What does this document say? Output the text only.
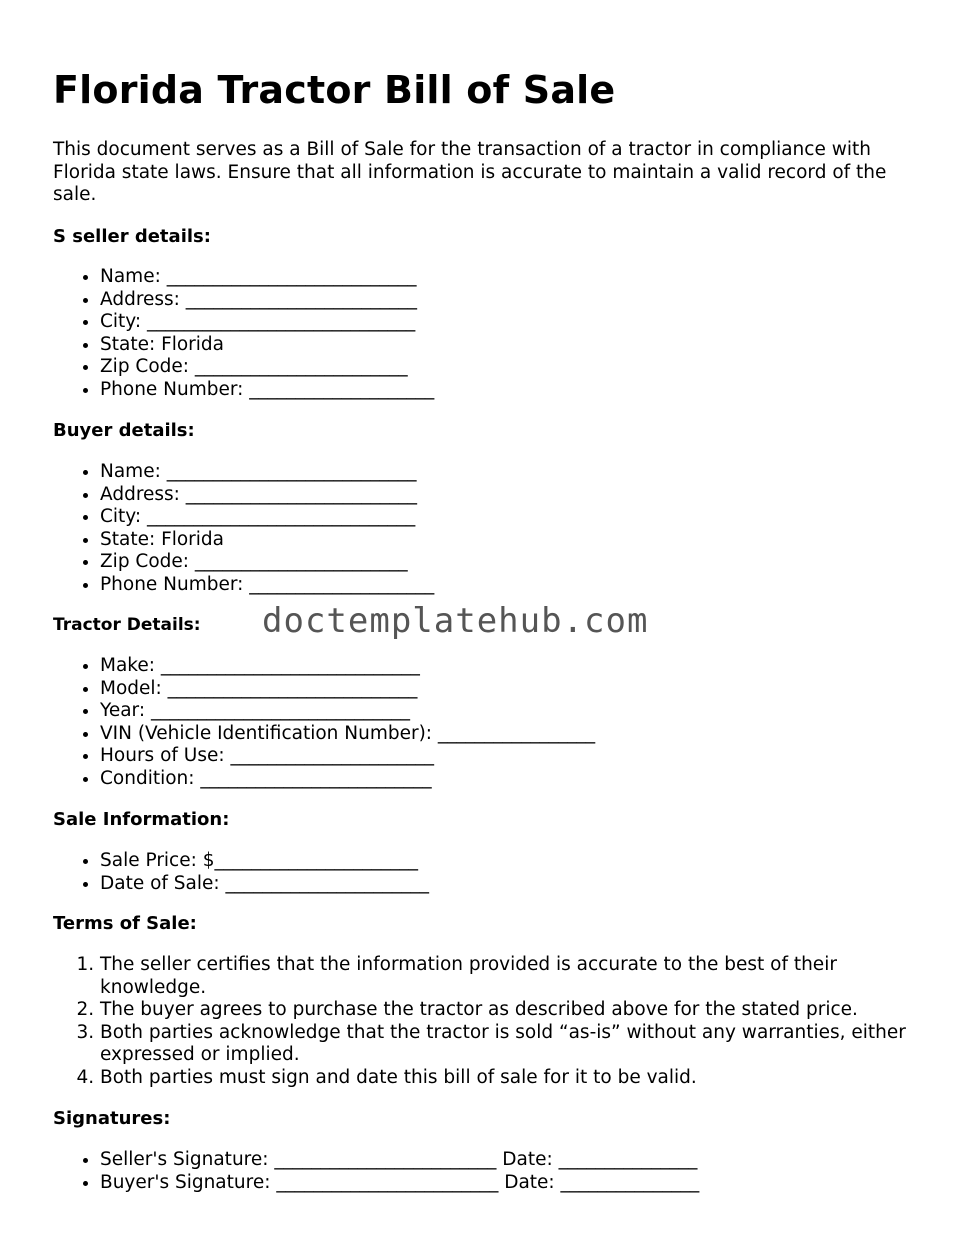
Florida Tractor Bill of Sale

This document serves as a Bill of Sale for the transaction of a tractor in compliance with Florida state laws. Ensure that all information is accurate to maintain a valid record of the sale.

S seller details:
• Name: ___________________________
• Address: _________________________
• City: _____________________________
• State: Florida
• Zip Code: _______________________
• Phone Number: ____________________
Buyer details:
• Name: ___________________________
• Address: _________________________
• City: _____________________________
• State: Florida
• Zip Code: _______________________
• Phone Number: ____________________
Tractor Details:
• Make: ____________________________
• Model: ___________________________
• Year: ____________________________
• VIN (Vehicle Identification Number): _________________
• Hours of Use: ______________________
• Condition: _________________________
Sale Information:
• Sale Price: $______________________
• Date of Sale: ______________________
Terms of Sale:
1. The seller certifies that the information provided is accurate to the best of their knowledge.
2. The buyer agrees to purchase the tractor as described above for the stated price.
3. Both parties acknowledge that the tractor is sold “as-is” without any warranties, either expressed or implied.
4. Both parties must sign and date this bill of sale for it to be valid.
Signatures:
• Seller's Signature: ________________________ Date: _______________
• Buyer's Signature: ________________________ Date: _______________
doctemplatehub.com
